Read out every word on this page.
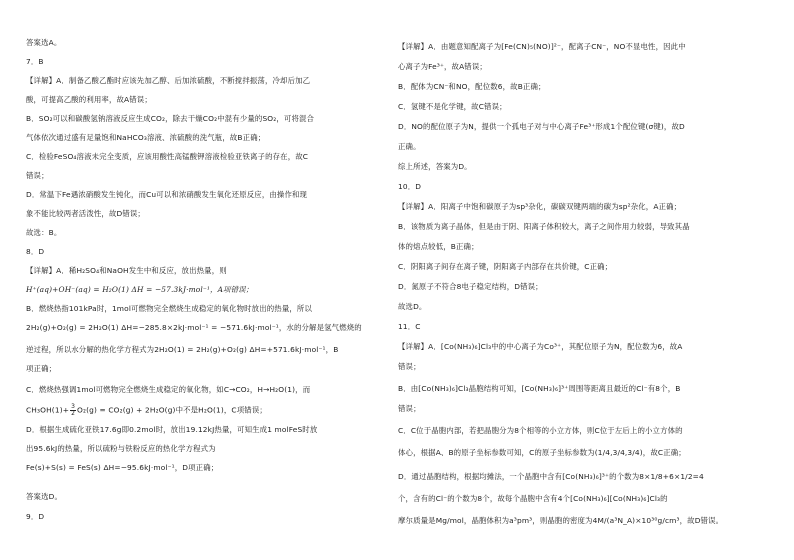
答案选A。
7．B
【详解】A．制备乙酸乙酯时应该先加乙醇、后加浓硫酸，不断搅拌振荡，冷却后加乙
酸，可提高乙酸的利用率，故A错误；
B．SO₂可以和碳酸氢钠溶液反应生成CO₂，除去干燥CO₂中混有少量的SO₂，可将混合
气体依次通过盛有足量饱和NaHCO₃溶液、浓硫酸的洗气瓶，故B正确；
C．检验FeSO₄溶液未完全变质，应该用酸性高锰酸钾溶液检验亚铁离子的存在，故C
错误；
D．常温下Fe遇浓硝酸发生钝化，而Cu可以和浓硝酸发生氧化还原反应，由操作和现
象不能比较两者活泼性，故D错误；
故选：B。
8．D
【详解】A．稀H₂SO₄和NaOH发生中和反应，放出热量，则
H⁺(aq)+OH⁻(aq) = H₂O(1) ΔH = −57.3kJ·mol⁻¹，A项错误；
B．燃烧热指101kPa时，1mol可燃物完全燃烧生成稳定的氧化物时放出的热量，所以
2H₂(g)+O₂(g) = 2H₂O(1) ΔH=−285.8×2kJ·mol⁻¹ = −571.6kJ·mol⁻¹，水的分解是氢气燃烧的
逆过程，所以水分解的热化学方程式为2H₂O(1) = 2H₂(g)+O₂(g) ΔH=+571.6kJ·mol⁻¹，B
项正确；
C．燃烧热强调1mol可燃物完全燃烧生成稳定的氧化物，如C→CO₂，H→H₂O(1)，而
$CH_3OH(1)+ \frac{3}{2} O_2(g) = CO_2(g) + 2H_2O(g)$中不是H₂O(1)，C项错误；
D．根据生成硫化亚铁17.6g即0.2mol时，放出19.12kJ热量，可知生成1 molFeS时放
出95.6kJ的热量，所以硫粉与铁粉反应的热化学方程式为
Fe(s)+S(s) = FeS(s) ΔH=−95.6kJ·mol⁻¹，D项正确；
答案选D。
9．D
【详解】A．由题意知配离子为[Fe(CN)₅(NO)]²⁻，配离子CN⁻，NO不显电性，因此中
心离子为Fe³⁺，故A错误；
B．配体为CN⁻和NO，配位数6，故B正确；
C．氢键不是化学键，故C错误；
D．NO的配位原子为N，提供一个孤电子对与中心离子Fe³⁺形成1个配位键(σ键)，故D
正确。
综上所述，答案为D。
10．D
【详解】A．阳离子中饱和碳原子为sp³杂化，碳碳双键两端的碳为sp²杂化，A正确；
B．该物质为离子晶体，但是由于阴、阳离子体积较大，离子之间作用力较弱，导致其晶
体的熔点较低，B正确；
C．阴阳离子间存在离子键，阴阳离子内部存在共价键，C正确；
D．氮原子不符合8电子稳定结构，D错误；
故选D。
11．C
【详解】A．[Co(NH₃)₆]Cl₃中的中心离子为Co³⁺，其配位原子为N，配位数为6，故A
错误；
B．由[Co(NH₃)₆]Cl₃晶胞结构可知，[Co(NH₃)₆]³⁺周围等距离且最近的Cl⁻有8个，B
错误；
C．C位于晶胞内部，若把晶胞分为8个相等的小立方体，则C位于左后上的小立方体的
体心，根据A、B的原子坐标参数可知，C的原子坐标参数为(1/4,3/4,3/4)，故C正确；
D．通过晶胞结构，根据均摊法，一个晶胞中含有[Co(NH₃)₆]³⁺的个数为8×1/8+6×1/2=4
个，含有的Cl⁻的个数为8个，故每个晶胞中含有4个[Co(NH₃)₆][Co(NH₃)₆]Cl₃的
摩尔质量是Mg/mol，晶胞体积为a³pm³，则晶胞的密度为4M/(a³N_A)×10³⁰g/cm³，故D错误。
